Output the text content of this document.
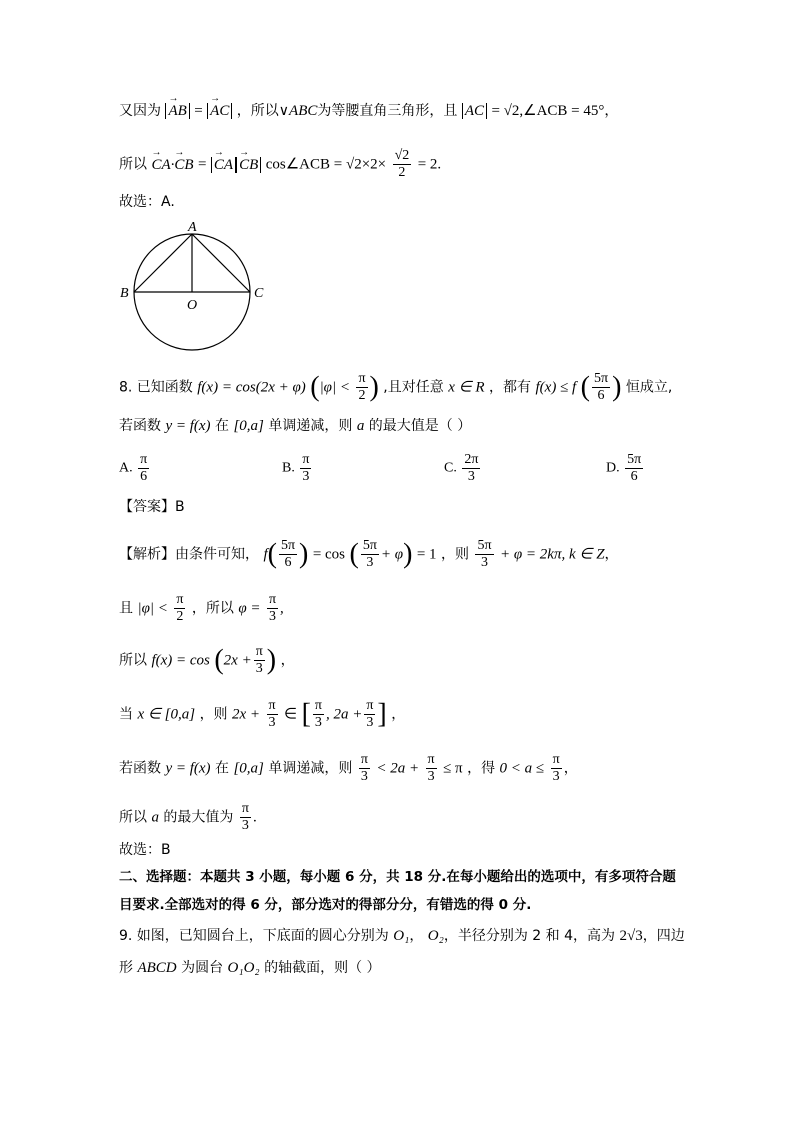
又因为 → AB = → AC ，所以∨ABC为等腰直角三角形，且 AC = √2,∠ACB = 45°，
所以 → CA·→ CB = → CA → CB cos∠ACB = $√2\times 2\times \frac{√2}{2} = 2$.
故选：A.
A
B	C
O
8. 已知函数 f(x) = cos(2x + φ) ($|\varphi| < \frac{\pi}{2}$ ) ,且对任意 x ∈ R ，都有 f(x) ≤ f ( $\frac{5\pi}{6}$ ) 恒成立,
若函数 y = f(x) 在 [0,a] 单调递减，则 a 的最大值是（ ）
A. $\frac{\pi}{6}$	B. $\frac{\pi}{3}$	C. $\frac{2\pi}{3}$	D. $\frac{5\pi}{6}$
【答案】B
【解析】由条件可知， $f( \frac{5\pi}{6}$ ) = cos ( $\frac{5\pi}{3} + \varphi) = 1$ ，则 $\frac{5\pi}{3} + \varphi = 2k\pi$, k ∈ Z，
且 $|\varphi| < \frac{\pi}{2}$ ，所以 $\varphi = \frac{\pi}{3}$ ,
所以 $f(x) = \cos (2x + \frac{\pi}{3}$ ) ，
当 x ∈ [0,a] ，则 $2x + \frac{\pi}{3}$ ∈ [ $\frac{\pi}{3}$ , $2a + \frac{\pi}{3}$ ] ，
若函数 y = f(x) 在 [0,a] 单调递减，则 $\frac{\pi}{3} < 2a + \frac{\pi}{3} \le \pi$ ，得 $0 < a \le \frac{\pi}{3}$ ，
所以 a 的最大值为 $\frac{\pi}{3}$ .
故选：B
二、选择题：本题共 3 小题，每小题 6 分，共 18 分.在每小题给出的选项中，有多项符合题
目要求.全部选对的得 6 分，部分选对的得部分分，有错选的得 0 分.
9. 如图，已知圆台上，下底面的圆心分别为 O₁， O₂，半径分别为 2 和 4，高为 2√3，四边
形 ABCD 为圆台 O₁O₂ 的轴截面，则（ ）
